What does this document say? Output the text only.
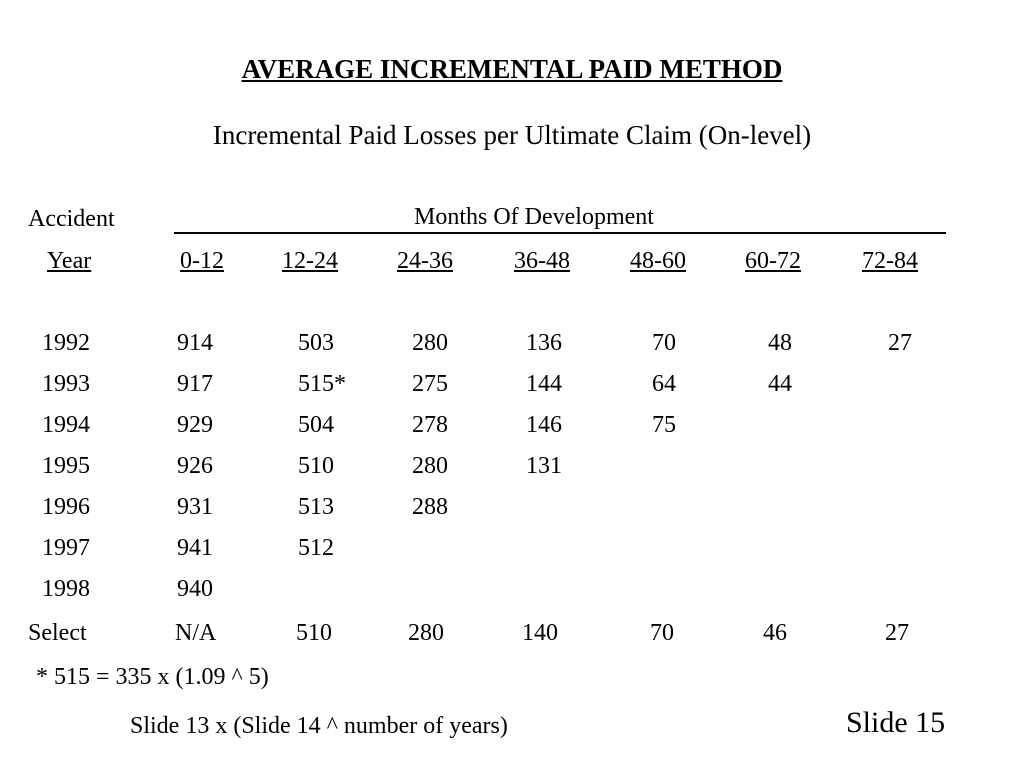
AVERAGE INCREMENTAL PAID METHOD
Incremental Paid Losses per Ultimate Claim (On-level)
Accident	Months Of Development
Year	0-12 12-24 24-36	36-48	48-60 60-72	72-84
1992	914	503	280	136	70	48	27
1993	917	515*	275	144	64	44
1994	929	504	278	146	75
1995	926	510	280	131
1996	931	513	288
1997	941	512
1998	940
Select	N/A	510	280	140	70	46	27
* 515 = 335 x (1.09 ^ 5)
Slide 13 x (Slide 14 ^ number of years)	Slide 15
